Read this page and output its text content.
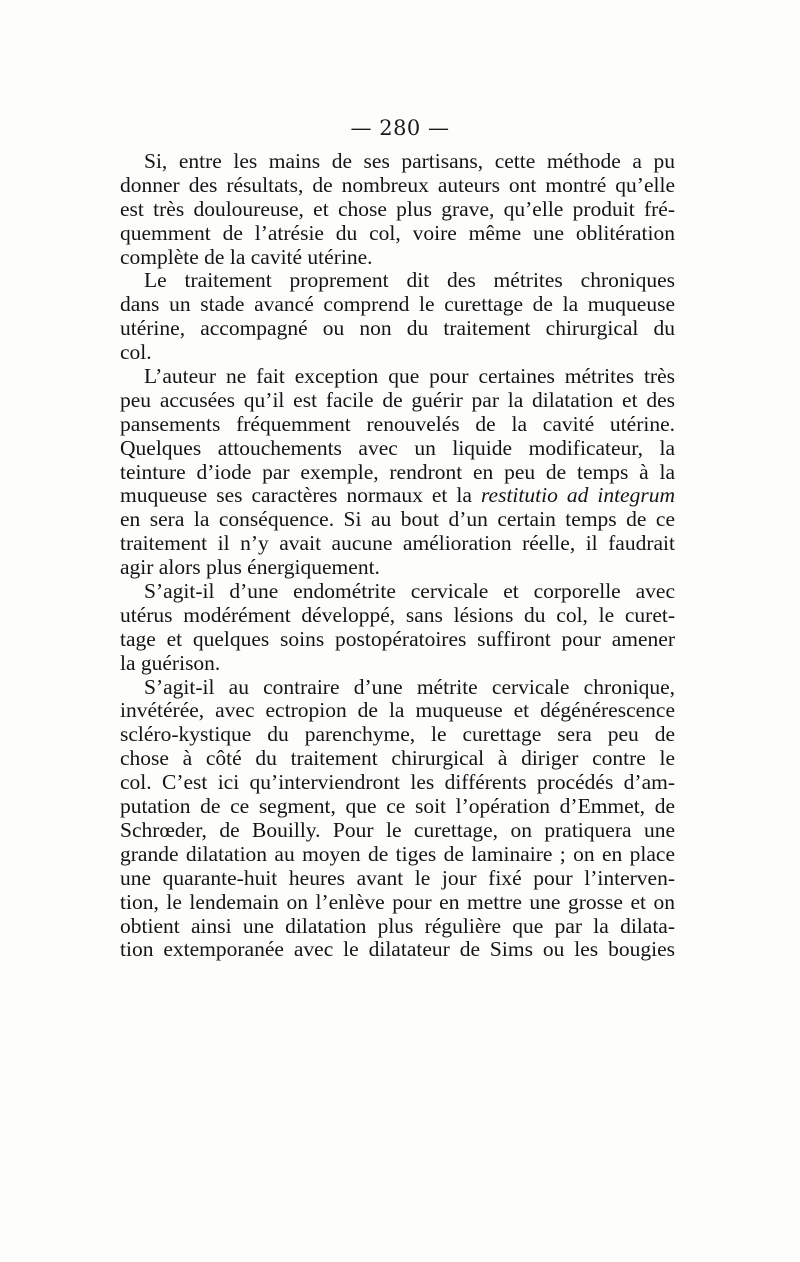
— 280 —
Si, entre les mains de ses partisans, cette méthode a pu
donner des résultats, de nombreux auteurs ont montré qu’elle
est très douloureuse, et chose plus grave, qu’elle produit fré-
quemment de l’atrésie du col, voire même une oblitération
complète de la cavité utérine.
Le traitement proprement dit des métrites chroniques
dans un stade avancé comprend le curettage de la muqueuse
utérine, accompagné ou non du traitement chirurgical du
col.
L’auteur ne fait exception que pour certaines métrites très
peu accusées qu’il est facile de guérir par la dilatation et des
pansements fréquemment renouvelés de la cavité utérine.
Quelques attouchements avec un liquide modificateur, la
teinture d’iode par exemple, rendront en peu de temps à la
muqueuse ses caractères normaux et la restitutio ad integrum
en sera la conséquence. Si au bout d’un certain temps de ce
traitement il n’y avait aucune amélioration réelle, il faudrait
agir alors plus énergiquement.
S’agit-il d’une endométrite cervicale et corporelle avec
utérus modérément développé, sans lésions du col, le curet-
tage et quelques soins postopératoires suffiront pour amener
la guérison.
S’agit-il au contraire d’une métrite cervicale chronique,
invétérée, avec ectropion de la muqueuse et dégénérescence
scléro-kystique du parenchyme, le curettage sera peu de
chose à côté du traitement chirurgical à diriger contre le
col. C’est ici qu’interviendront les différents procédés d’am-
putation de ce segment, que ce soit l’opération d’Emmet, de
Schrœder, de Bouilly. Pour le curettage, on pratiquera une
grande dilatation au moyen de tiges de laminaire ; on en place
une quarante-huit heures avant le jour fixé pour l’interven-
tion, le lendemain on l’enlève pour en mettre une grosse et on
obtient ainsi une dilatation plus régulière que par la dilata-
tion extemporanée avec le dilatateur de Sims ou les bougies
